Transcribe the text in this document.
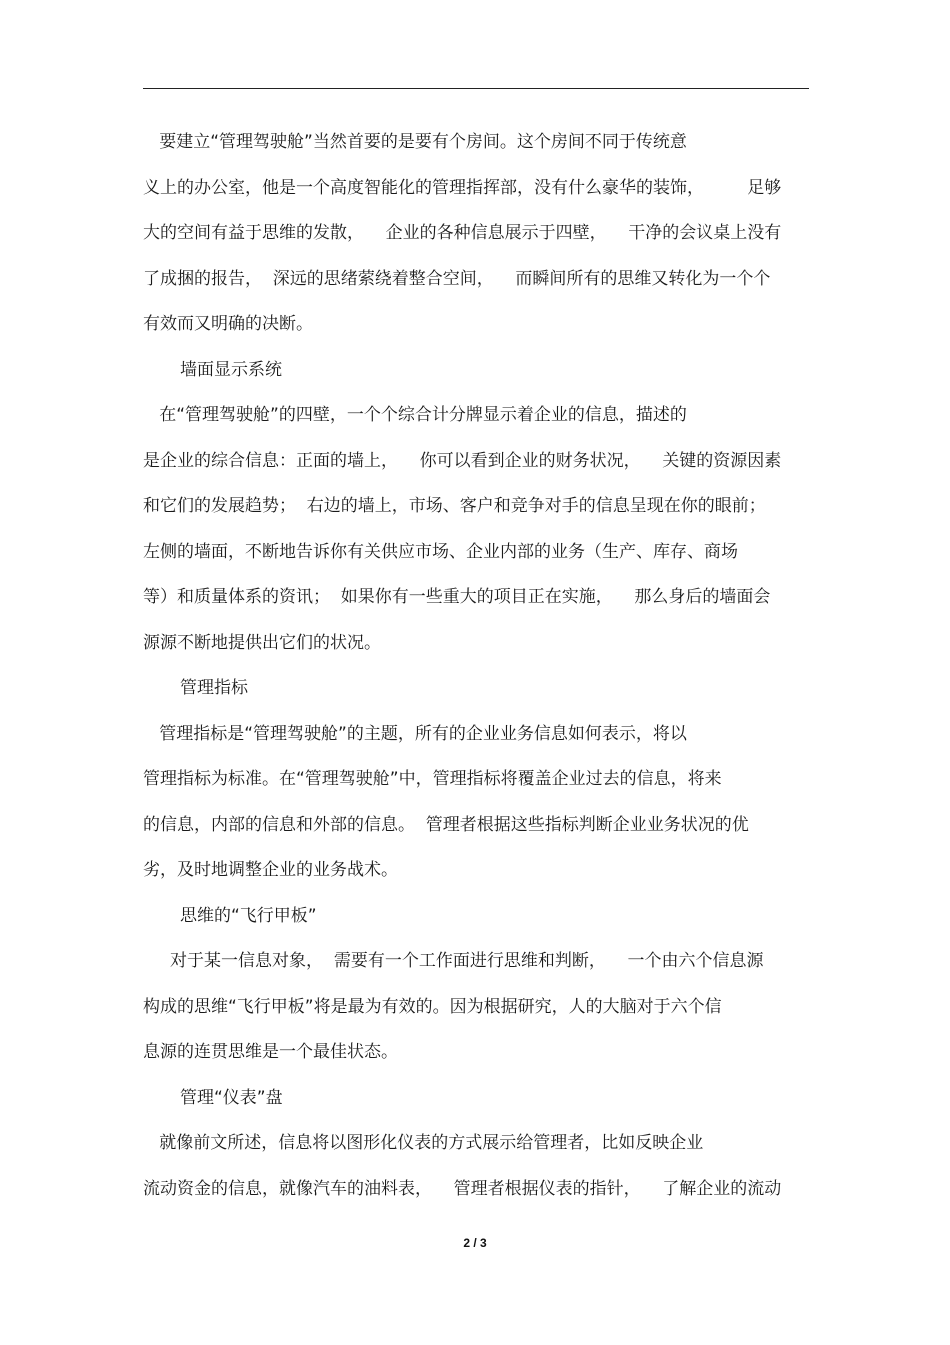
要建立“管理驾驶舱”当然首要的是要有个房间。这个房间不同于传统意
义上的办公室，他是一个高度智能化的管理指挥部，没有什么豪华的装饰，        足够
大的空间有益于思维的发散，    企业的各种信息展示于四壁，    干净的会议桌上没有
了成捆的报告，  深远的思绪萦绕着整合空间，    而瞬间所有的思维又转化为一个个
有效而又明确的决断。
墙面显示系统
在“管理驾驶舱”的四壁，一个个综合计分牌显示着企业的信息，描述的
是企业的综合信息：正面的墙上，    你可以看到企业的财务状况，    关键的资源因素
和它们的发展趋势；  右边的墙上，市场、客户和竞争对手的信息呈现在你的眼前；
左侧的墙面，不断地告诉你有关供应市场、企业内部的业务（生产、库存、商场
等）和质量体系的资讯；  如果你有一些重大的项目正在实施，    那么身后的墙面会
源源不断地提供出它们的状况。
管理指标
管理指标是“管理驾驶舱”的主题，所有的企业业务信息如何表示，将以
管理指标为标准。在“管理驾驶舱”中，管理指标将覆盖企业过去的信息，将来
的信息，内部的信息和外部的信息。  管理者根据这些指标判断企业业务状况的优
劣，及时地调整企业的业务战术。
思维的“飞行甲板”
对于某一信息对象，  需要有一个工作面进行思维和判断，    一个由六个信息源
构成的思维“飞行甲板”将是最为有效的。因为根据研究，人的大脑对于六个信
息源的连贯思维是一个最佳状态。
管理“仪表”盘
就像前文所述，信息将以图形化仪表的方式展示给管理者，比如反映企业
流动资金的信息，就像汽车的油料表，    管理者根据仪表的指针，    了解企业的流动
2 / 3
